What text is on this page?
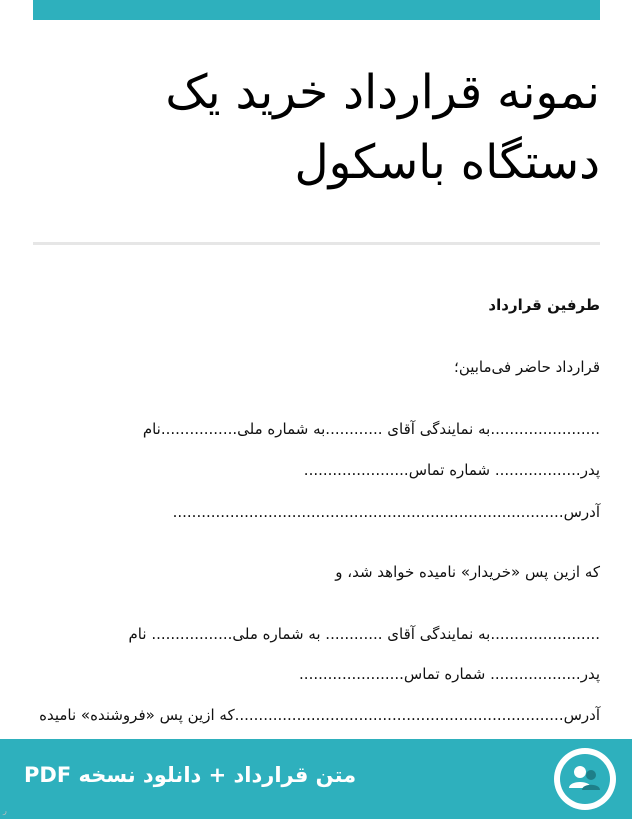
نمونه قرارداد خرید یک
دستگاه باسکول

طرفین قرارداد

قرارداد حاضر فی‌مابین؛

.......................به نمایندگی آقای ............به شماره ملی................نام

پدر.................. شماره تماس......................

آدرس..................................................................................

که ازین پس «خریدار» نامیده خواهد شد، و

.......................به نمایندگی آقای ............ به شماره ملی................. نام

پدر................... شماره تماس......................

آدرس.....................................................................که ازین پس «فروشنده» نامیده

متن قرارداد + دانلود نسخه PDF
ر
